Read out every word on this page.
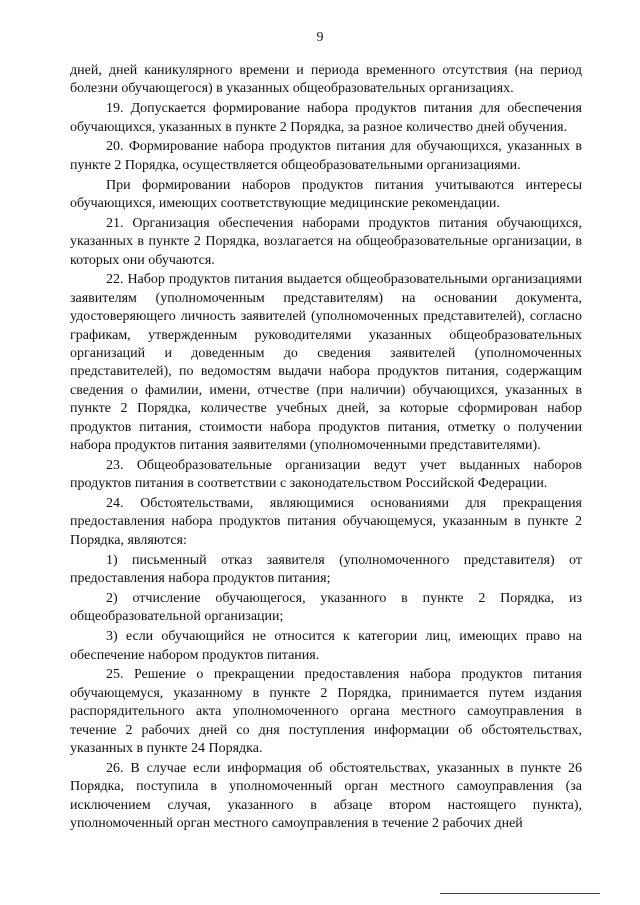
9

дней, дней каникулярного времени и периода временного отсутствия (на период болезни обучающегося) в указанных общеобразовательных организациях.

19. Допускается формирование набора продуктов питания для обеспечения обучающихся, указанных в пункте 2 Порядка, за разное количество дней обучения.

20. Формирование набора продуктов питания для обучающихся, указанных в пункте 2 Порядка, осуществляется общеобразовательными организациями.

При формировании наборов продуктов питания учитываются интересы обучающихся, имеющих соответствующие медицинские рекомендации.

21. Организация обеспечения наборами продуктов питания обучающихся, указанных в пункте 2 Порядка, возлагается на общеобразовательные организации, в которых они обучаются.

22. Набор продуктов питания выдается общеобразовательными организациями заявителям (уполномоченным представителям) на основании документа, удостоверяющего личность заявителей (уполномоченных представителей), согласно графикам, утвержденным руководителями указанных общеобразовательных организаций и доведенным до сведения заявителей (уполномоченных представителей), по ведомостям выдачи набора продуктов питания, содержащим сведения о фамилии, имени, отчестве (при наличии) обучающихся, указанных в пункте 2 Порядка, количестве учебных дней, за которые сформирован набор продуктов питания, стоимости набора продуктов питания, отметку о получении набора продуктов питания заявителями (уполномоченными представителями).

23. Общеобразовательные организации ведут учет выданных наборов продуктов питания в соответствии с законодательством Российской Федерации.

24. Обстоятельствами, являющимися основаниями для прекращения предоставления набора продуктов питания обучающемуся, указанным в пункте 2 Порядка, являются:

1) письменный отказ заявителя (уполномоченного представителя) от предоставления набора продуктов питания;

2) отчисление обучающегося, указанного в пункте 2 Порядка, из общеобразовательной организации;

3) если обучающийся не относится к категории лиц, имеющих право на обеспечение набором продуктов питания.

25. Решение о прекращении предоставления набора продуктов питания обучающемуся, указанному в пункте 2 Порядка, принимается путем издания распорядительного акта уполномоченного органа местного самоуправления в течение 2 рабочих дней со дня поступления информации об обстоятельствах, указанных в пункте 24 Порядка.

26. В случае если информация об обстоятельствах, указанных в пункте 26 Порядка, поступила в уполномоченный орган местного самоуправления (за исключением случая, указанного в абзаце втором настоящего пункта), уполномоченный орган местного самоуправления в течение 2 рабочих дней
